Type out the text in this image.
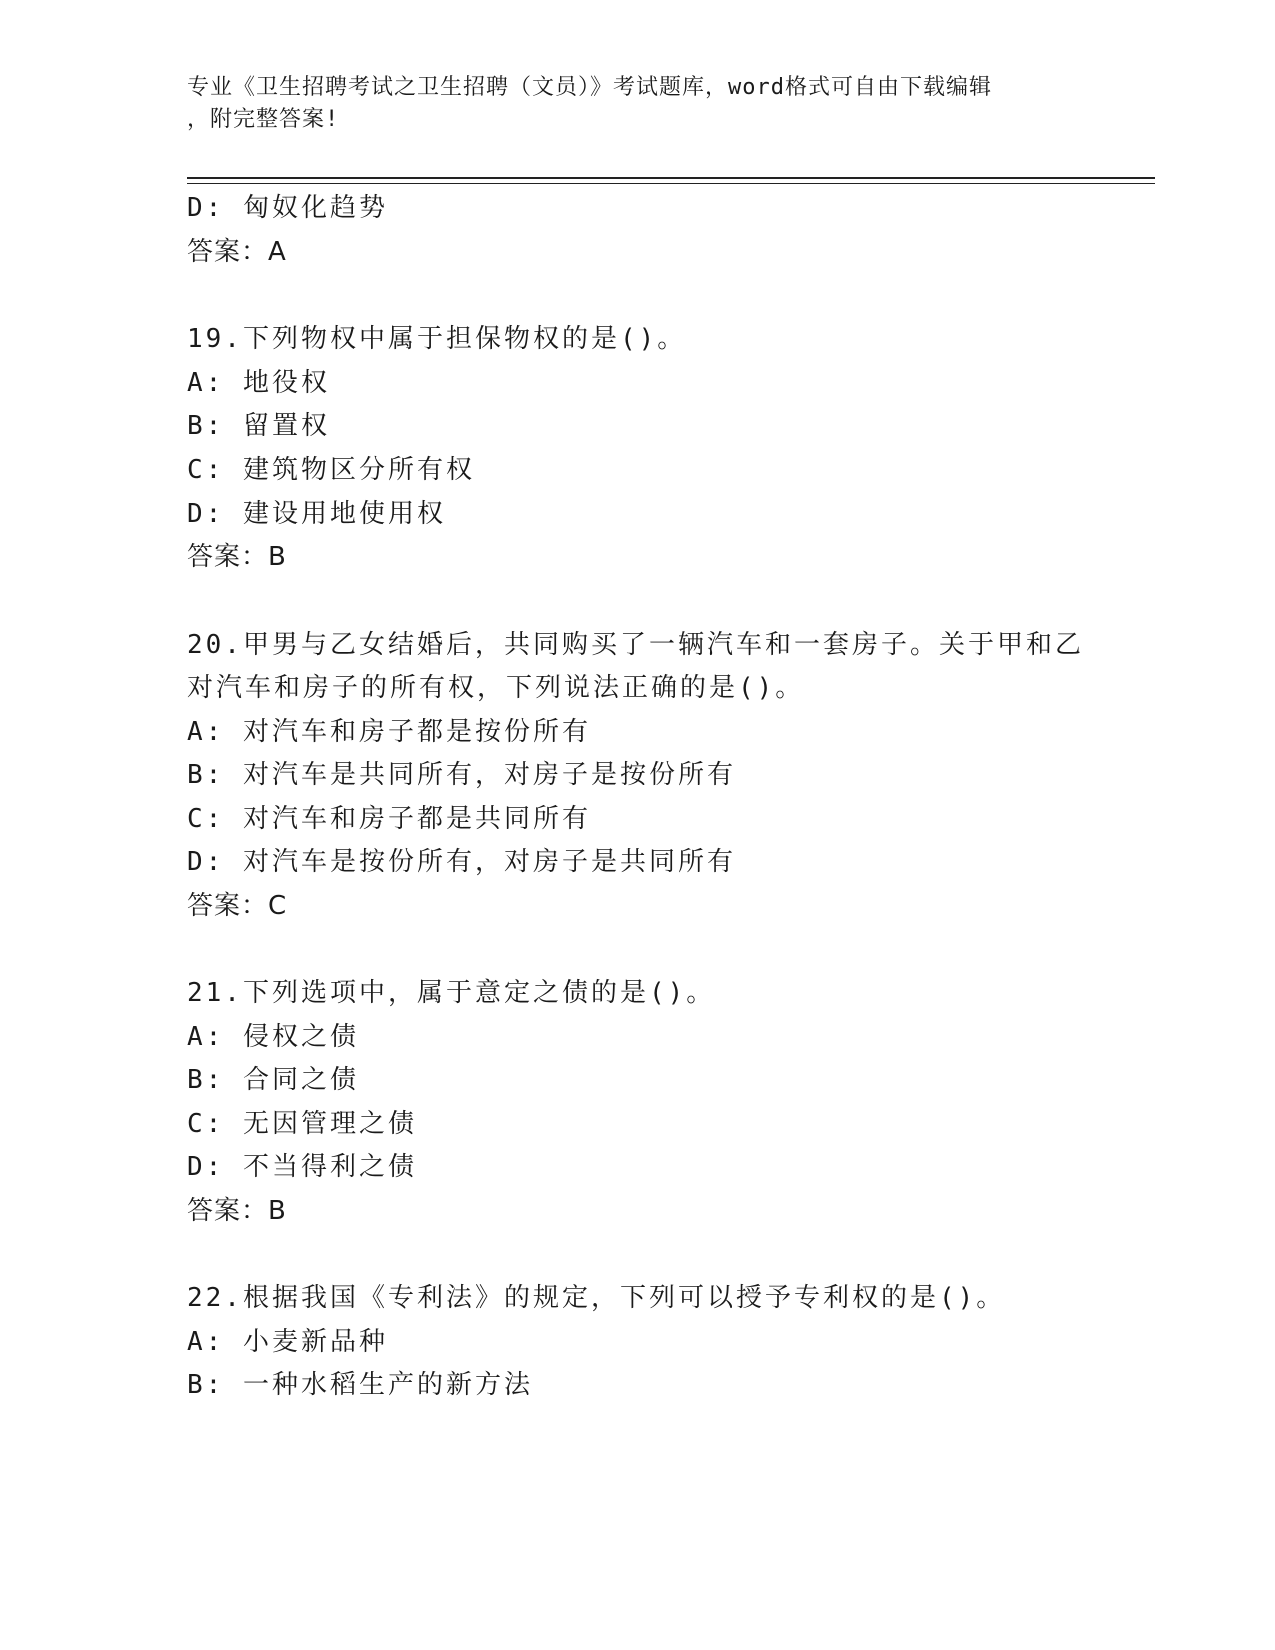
专业《卫生招聘考试之卫生招聘（文员）》考试题库，word格式可自由下载编辑
，附完整答案!
D: 匈奴化趋势
答案：A
19.下列物权中属于担保物权的是()。
A: 地役权
B: 留置权
C: 建筑物区分所有权
D: 建设用地使用权
答案：B
20.甲男与乙女结婚后，共同购买了一辆汽车和一套房子。关于甲和乙
对汽车和房子的所有权，下列说法正确的是()。
A: 对汽车和房子都是按份所有
B: 对汽车是共同所有，对房子是按份所有
C: 对汽车和房子都是共同所有
D: 对汽车是按份所有，对房子是共同所有
答案：C
21.下列选项中，属于意定之债的是()。
A: 侵权之债
B: 合同之债
C: 无因管理之债
D: 不当得利之债
答案：B
22.根据我国《专利法》的规定，下列可以授予专利权的是()。
A: 小麦新品种
B: 一种水稻生产的新方法
